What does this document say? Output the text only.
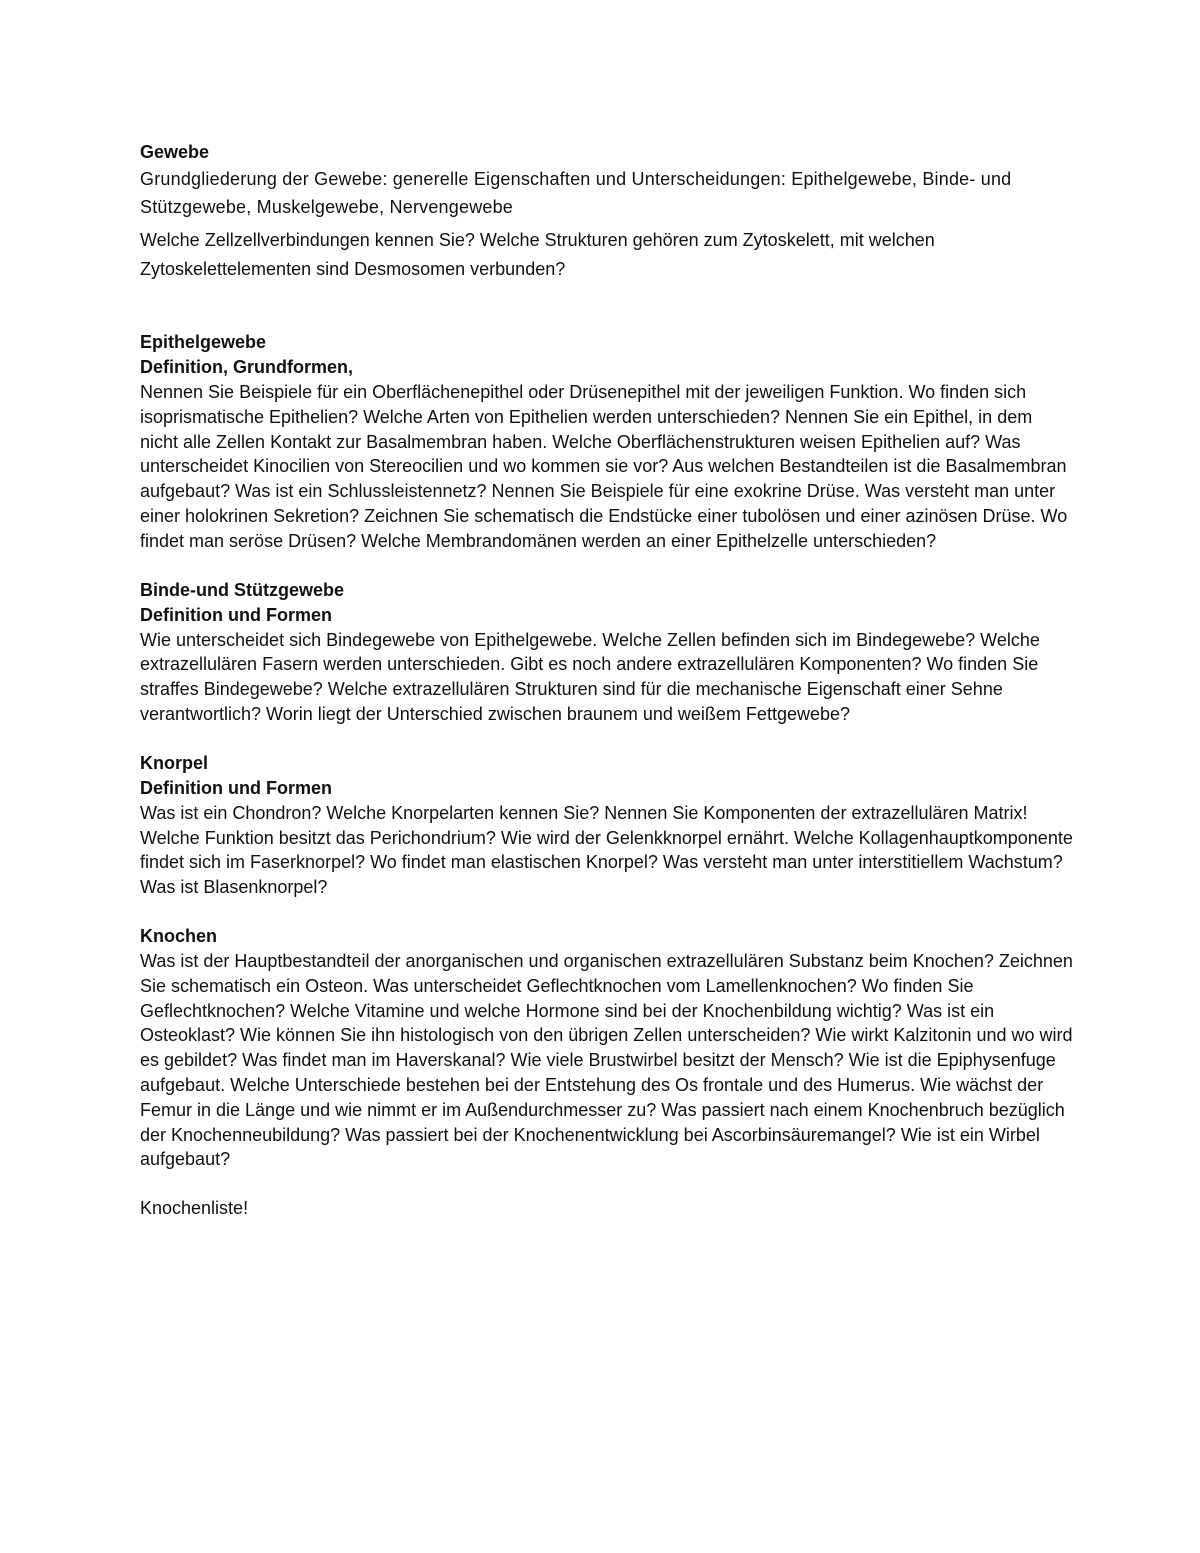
Gewebe

Grundgliederung der Gewebe: generelle Eigenschaften und Unterscheidungen: Epithelgewebe, Binde- und Stützgewebe, Muskelgewebe, Nervengewebe

Welche Zellzellverbindungen kennen Sie? Welche Strukturen gehören zum Zytoskelett, mit welchen Zytoskelettelementen sind Desmosomen verbunden?

Epithelgewebe

Definition, Grundformen,

Nennen Sie Beispiele für ein Oberflächenepithel oder Drüsenepithel mit der jeweiligen Funktion. Wo finden sich isoprismatische Epithelien? Welche Arten von Epithelien werden unterschieden? Nennen Sie ein Epithel, in dem nicht alle Zellen Kontakt zur Basalmembran haben. Welche Oberflächenstrukturen weisen Epithelien auf? Was unterscheidet Kinocilien von Stereocilien und wo kommen sie vor? Aus welchen Bestandteilen ist die Basalmembran aufgebaut? Was ist ein Schlussleistennetz? Nennen Sie Beispiele für eine exokrine Drüse. Was versteht man unter einer holokrinen Sekretion? Zeichnen Sie schematisch die Endstücke einer tubolösen und einer azinösen Drüse. Wo findet man seröse Drüsen? Welche Membrandomänen werden an einer Epithelzelle unterschieden?

Binde-und Stützgewebe

Definition und Formen

Wie unterscheidet sich Bindegewebe von Epithelgewebe. Welche Zellen befinden sich im Bindegewebe? Welche extrazellulären Fasern werden unterschieden. Gibt es noch andere extrazellulären Komponenten? Wo finden Sie straffes Bindegewebe? Welche extrazellulären Strukturen sind für die mechanische Eigenschaft einer Sehne verantwortlich? Worin liegt der Unterschied zwischen braunem und weißem Fettgewebe?

Knorpel

Definition und Formen

Was ist ein Chondron? Welche Knorpelarten kennen Sie? Nennen Sie Komponenten der extrazellulären Matrix! Welche Funktion besitzt das Perichondrium? Wie wird der Gelenkknorpel ernährt. Welche Kollagenhauptkomponente findet sich im Faserknorpel? Wo findet man elastischen Knorpel? Was versteht man unter interstitiellem Wachstum? Was ist Blasenknorpel?

Knochen

Was ist der Hauptbestandteil der anorganischen und organischen extrazellulären Substanz beim Knochen? Zeichnen Sie schematisch ein Osteon. Was unterscheidet Geflechtknochen vom Lamellenknochen? Wo finden Sie Geflechtknochen? Welche Vitamine und welche Hormone sind bei der Knochenbildung wichtig? Was ist ein Osteoklast? Wie können Sie ihn histologisch von den übrigen Zellen unterscheiden? Wie wirkt Kalzitonin und wo wird es gebildet? Was findet man im Haverskanal? Wie viele Brustwirbel besitzt der Mensch? Wie ist die Epiphysenfuge aufgebaut. Welche Unterschiede bestehen bei der Entstehung des Os frontale und des Humerus. Wie wächst der Femur in die Länge und wie nimmt er im Außendurchmesser zu? Was passiert nach einem Knochenbruch bezüglich der Knochenneubildung? Was passiert bei der Knochenentwicklung bei Ascorbinsäuremangel? Wie ist ein Wirbel aufgebaut?

Knochenliste!
